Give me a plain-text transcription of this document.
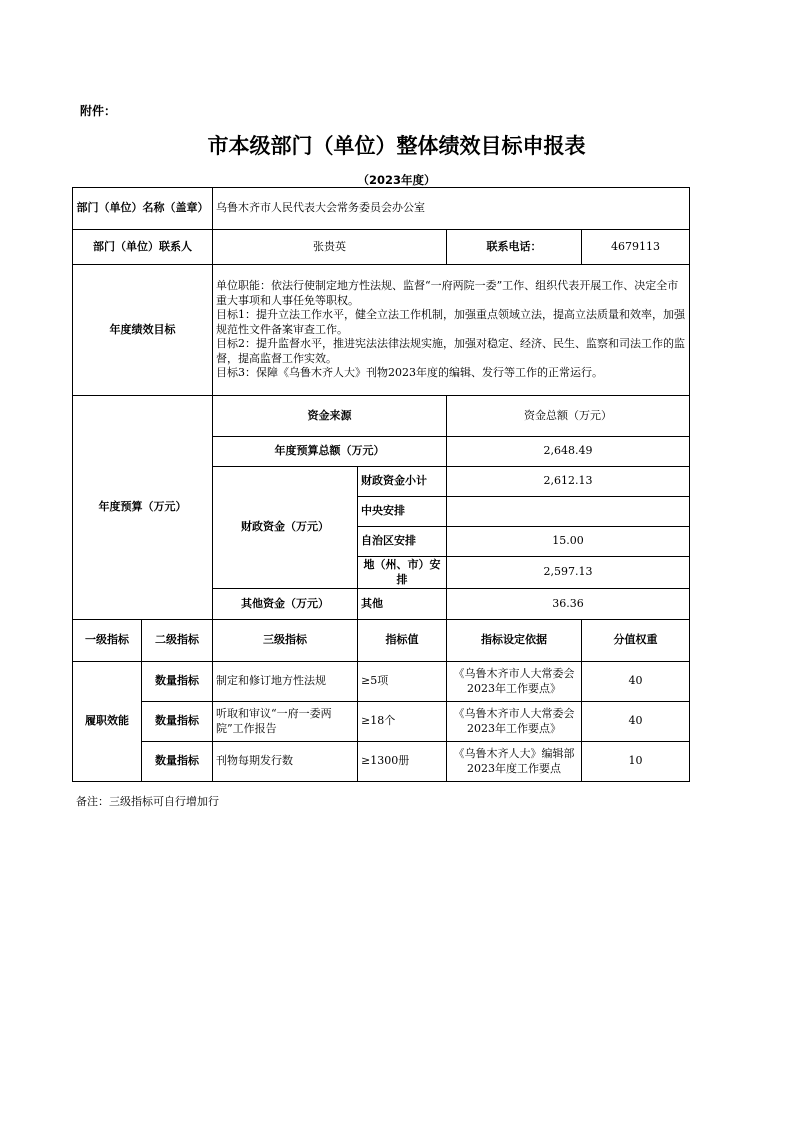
附件：
市本级部门（单位）整体绩效目标申报表
（2023年度）
部门（单位）名称（盖章）		乌鲁木齐市人民代表大会常务委员会办公室			
部门（单位）联系人		张贵英		联系电话：	4679113
年度绩效目标		单位职能：依法行使制定地方性法规、监督“一府两院一委”工作、组织代表开展工作、决定全市重大事项和人事任免等职权。
目标1：提升立法工作水平，健全立法工作机制，加强重点领域立法，提高立法质量和效率，加强规范性文件备案审查工作。
目标2：提升监督水平，推进宪法法律法规实施，加强对稳定、经济、民生、监察和司法工作的监督，提高监督工作实效。
目标3：保障《乌鲁木齐人大》刊物2023年度的编辑、发行等工作的正常运行。			

年度预算（万元）		资金来源		资金总额（万元）	
		年度预算总额（万元）		2,648.49	
		财政资金（万元）	财政资金小计	2,612.13	
			中央安排		
			自治区安排	15.00	
			地（州、市）安排	2,597.13	
		其他资金（万元）	其他	36.36	
一级指标	二级指标	三级指标	指标值	指标设定依据	分值权重
履职效能	数量指标	制定和修订地方性法规	≥5项	《乌鲁木齐市人大常委会2023年工作要点》	40
	数量指标	听取和审议“一府一委两院”工作报告	≥18个	《乌鲁木齐市人大常委会2023年工作要点》	40
	数量指标	刊物每期发行数	≥1300册	《乌鲁木齐人大》编辑部2023年度工作要点	10
备注：三级指标可自行增加行
